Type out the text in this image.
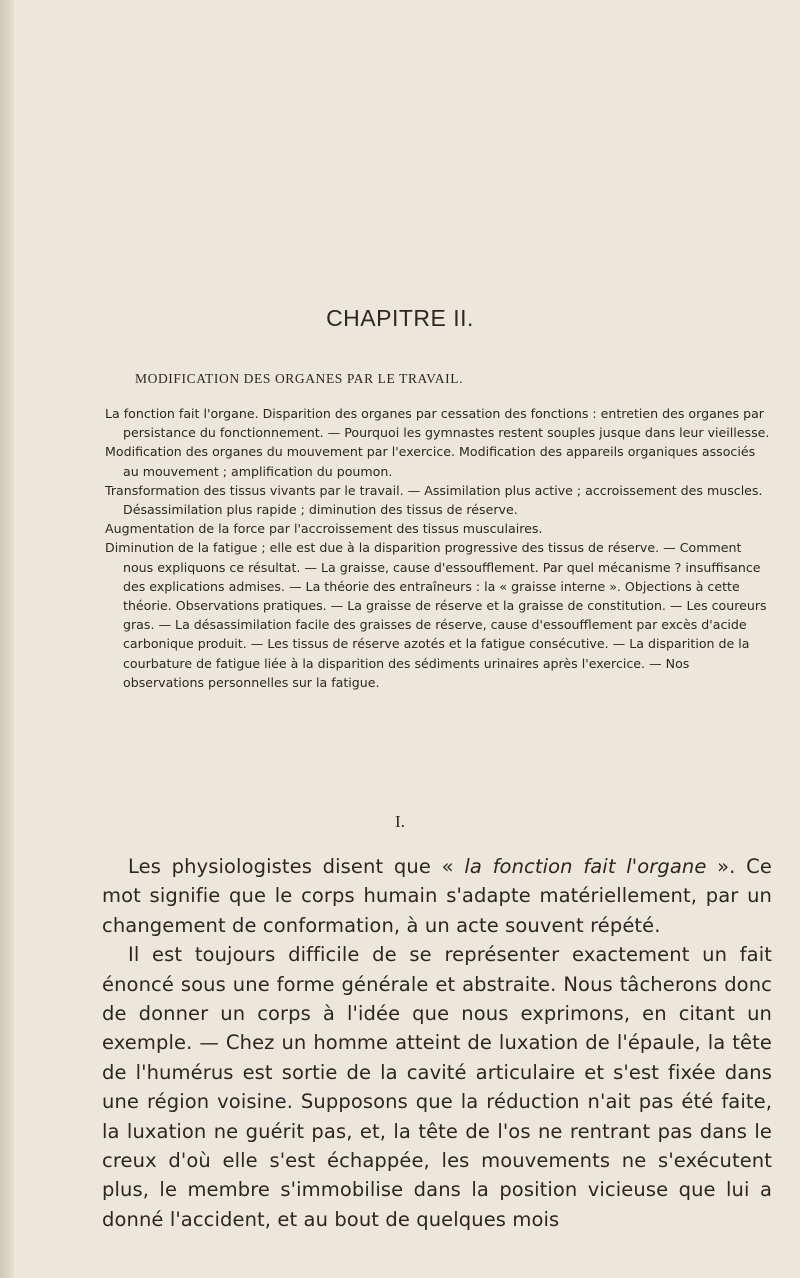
CHAPITRE II.
MODIFICATION DES ORGANES PAR LE TRAVAIL.

La fonction fait l'organe. Disparition des organes par cessation des fonctions : entretien des organes par persistance du fonctionnement. — Pourquoi les gymnastes restent souples jusque dans leur vieillesse.

Modification des organes du mouvement par l'exercice. Modification des appareils organiques associés au mouvement ; amplification du poumon.

Transformation des tissus vivants par le travail. — Assimilation plus active ; accroissement des muscles. Désassimilation plus rapide ; diminution des tissus de réserve.

Augmentation de la force par l'accroissement des tissus musculaires.

Diminution de la fatigue ; elle est due à la disparition progressive des tissus de réserve. — Comment nous expliquons ce résultat. — La graisse, cause d'essoufflement. Par quel mécanisme ? insuffisance des explications admises. — La théorie des entraîneurs : la « graisse interne ». Objections à cette théorie. Observations pratiques. — La graisse de réserve et la graisse de constitution. — Les coureurs gras. — La désassimilation facile des graisses de réserve, cause d'essoufflement par excès d'acide carbonique produit. — Les tissus de réserve azotés et la fatigue consécutive. — La disparition de la courbature de fatigue liée à la disparition des sédiments urinaires après l'exercice. — Nos observations personnelles sur la fatigue.

I.

Les physiologistes disent que « la fonction fait l'organe ». Ce mot signifie que le corps humain s'adapte matériellement, par un changement de conformation, à un acte souvent répété.

Il est toujours difficile de se représenter exactement un fait énoncé sous une forme générale et abstraite. Nous tâcherons donc de donner un corps à l'idée que nous exprimons, en citant un exemple. — Chez un homme atteint de luxation de l'épaule, la tête de l'humérus est sortie de la cavité articulaire et s'est fixée dans une région voisine. Supposons que la réduction n'ait pas été faite, la luxation ne guérit pas, et, la tête de l'os ne rentrant pas dans le creux d'où elle s'est échappée, les mouvements ne s'exécutent plus, le membre s'immobilise dans la position vicieuse que lui a donné l'accident, et au bout de quelques mois
